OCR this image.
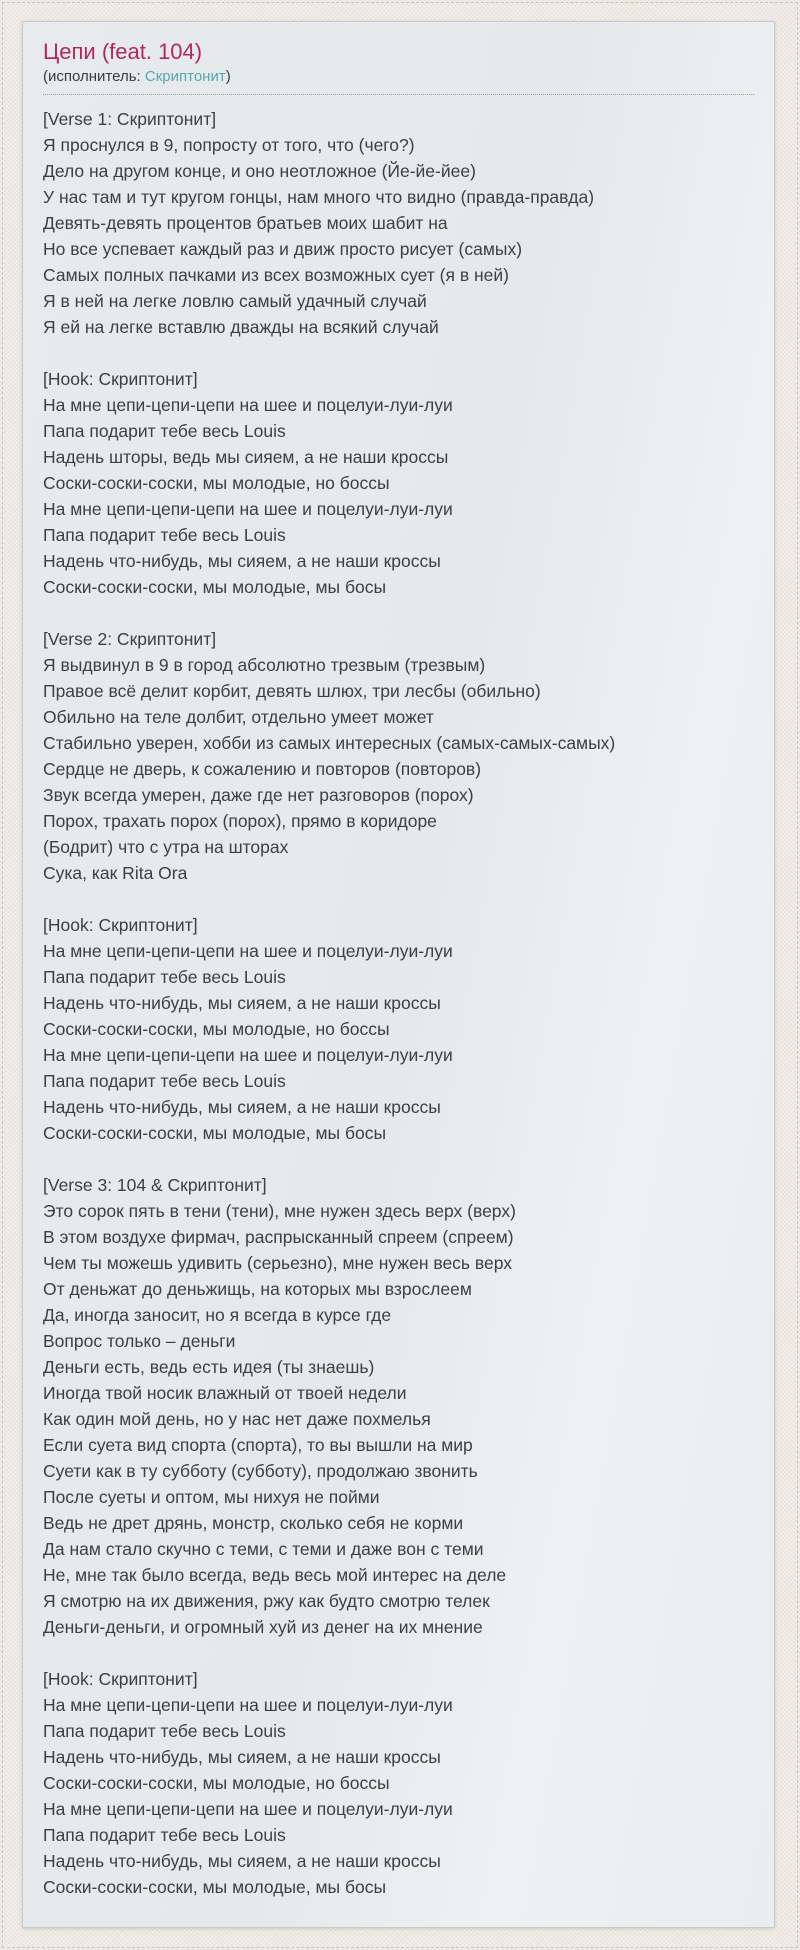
Цепи (feat. 104)
(исполнитель: Скриптонит)
[Verse 1: Скриптонит]
Я проснулся в 9, попросту от того, что (чего?)
Дело на другом конце, и оно неотложное (Йе-йе-йее)
У нас там и тут кругом гонцы, нам много что видно (правда-правда)
Девять-девять процентов братьев моих шабит на
Но все успевает каждый раз и движ просто рисует (самых)
Самых полных пачками из всех возможных сует (я в ней)
Я в ней на легке ловлю самый удачный случай
Я ей на легке вставлю дважды на всякий случай
[Hook: Скриптонит]
На мне цепи-цепи-цепи на шее и поцелуи-луи-луи
Папа подарит тебе весь Louis
Надень шторы, ведь мы сияем, а не наши кроссы
Соски-соски-соски, мы молодые, но боссы
На мне цепи-цепи-цепи на шее и поцелуи-луи-луи
Папа подарит тебе весь Louis
Надень что-нибудь, мы сияем, а не наши кроссы
Соски-соски-соски, мы молодые, мы босы
[Verse 2: Скриптонит]
Я выдвинул в 9 в город абсолютно трезвым (трезвым)
Правое всё делит корбит, девять шлюх, три лесбы (обильно)
Обильно на теле долбит, отдельно умеет может
Стабильно уверен, хобби из самых интересных (самых-самых-самых)
Сердце не дверь, к сожалению и повторов (повторов)
Звук всегда умерен, даже где нет разговоров (порох)
Порох, трахать порох (порох), прямо в коридоре
(Бодрит) что с утра на шторах
Сука, как Rita Ora
[Hook: Скриптонит]
На мне цепи-цепи-цепи на шее и поцелуи-луи-луи
Папа подарит тебе весь Louis
Надень что-нибудь, мы сияем, а не наши кроссы
Соски-соски-соски, мы молодые, но боссы
На мне цепи-цепи-цепи на шее и поцелуи-луи-луи
Папа подарит тебе весь Louis
Надень что-нибудь, мы сияем, а не наши кроссы
Соски-соски-соски, мы молодые, мы босы
[Verse 3: 104 & Скриптонит]
Это сорок пять в тени (тени), мне нужен здесь верх (верх)
В этом воздухе фирмач, распрысканный спреем (спреем)
Чем ты можешь удивить (серьезно), мне нужен весь верх
От деньжат до деньжищь, на которых мы взрослеем
Да, иногда заносит, но я всегда в курсе где
Вопрос только – деньги
Деньги есть, ведь есть идея (ты знаешь)
Иногда твой носик влажный от твоей недели
Как один мой день, но у нас нет даже похмелья
Если суета вид спорта (спорта), то вы вышли на мир
Суети как в ту субботу (субботу), продолжаю звонить
После суеты и оптом, мы нихуя не пойми
Ведь не дрет дрянь, монстр, сколько себя не корми
Да нам стало скучно с теми, с теми и даже вон с теми
Не, мне так было всегда, ведь весь мой интерес на деле
Я смотрю на их движения, ржу как будто смотрю телек
Деньги-деньги, и огромный хуй из денег на их мнение
[Hook: Скриптонит]
На мне цепи-цепи-цепи на шее и поцелуи-луи-луи
Папа подарит тебе весь Louis
Надень что-нибудь, мы сияем, а не наши кроссы
Соски-соски-соски, мы молодые, но боссы
На мне цепи-цепи-цепи на шее и поцелуи-луи-луи
Папа подарит тебе весь Louis
Надень что-нибудь, мы сияем, а не наши кроссы
Соски-соски-соски, мы молодые, мы босы
